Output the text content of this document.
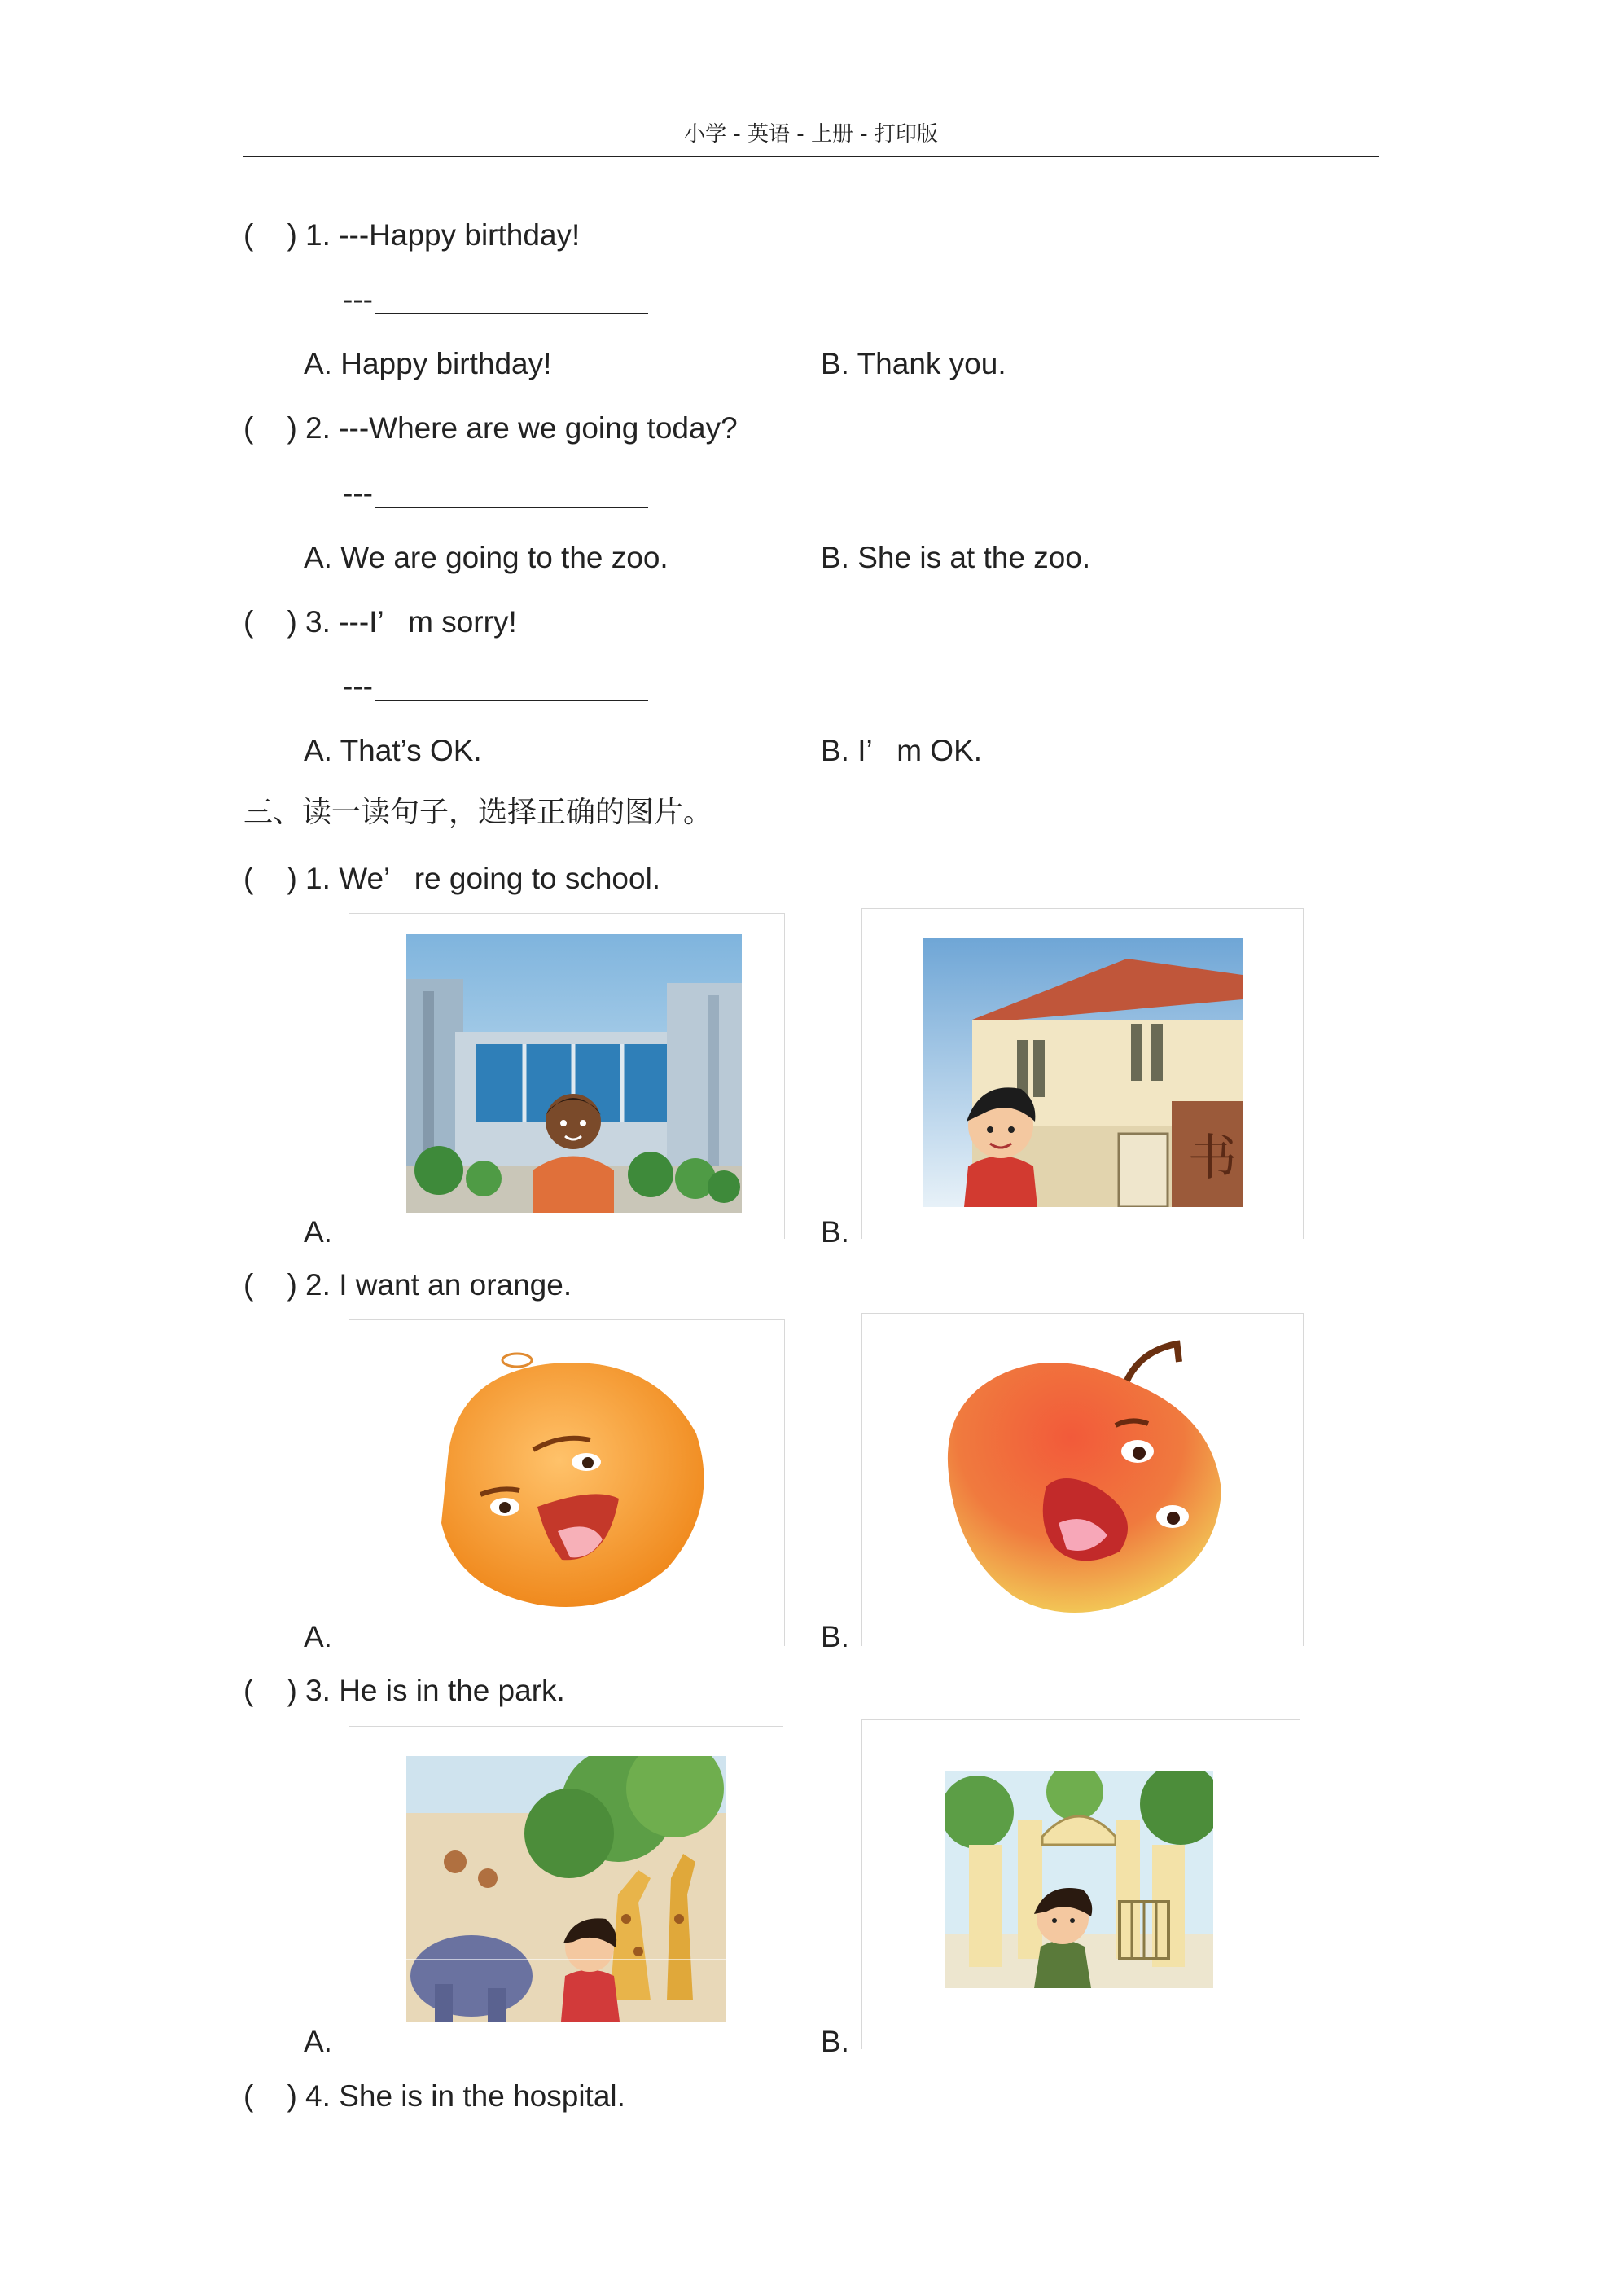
小学 - 英语 - 上册 - 打印版
(    ) 1. ---Happy birthday!
---
A. Happy birthday!	B. Thank you.
(    ) 2. ---Where are we going today?
---
A. We are going to the zoo.	B. She is at the zoo.
(    ) 3. ---I’   m sorry!
---
A. That’s OK.	B. I’   m OK.
三、读一读句子，选择正确的图片。
(    ) 1. We’   re going to school.
A.
书
B.
(    ) 2. I want an orange.
A.	B.
(    ) 3. He is in the park.
A.	B.
(    ) 4. She is in the hospital.
